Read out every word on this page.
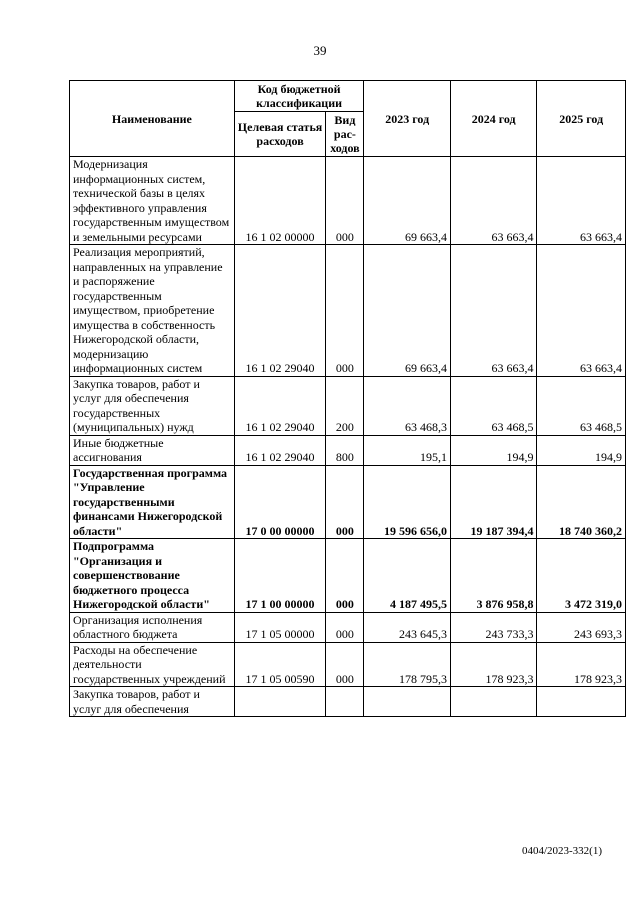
39
Наименование	Код бюджетной классификации		2023 год	2024 год	2025 год
	Целевая статья расходов	Вид рас-ходов			
Модернизация информационных систем, технической базы в целях эффективного управления государственным имуществом и земельными ресурсами	16 1 02 00000	000	69 663,4	63 663,4	63 663,4
Реализация мероприятий, направленных на управление и распоряжение государственным имуществом, приобретение имущества в собственность Нижегородской области, модернизацию информационных систем	16 1 02 29040	000	69 663,4	63 663,4	63 663,4
Закупка товаров, работ и услуг для обеспечения государственных (муниципальных) нужд	16 1 02 29040	200	63 468,3	63 468,5	63 468,5
Иные бюджетные ассигнования	16 1 02 29040	800	195,1	194,9	194,9
Государственная программа "Управление государственными финансами Нижегородской области"	17 0 00 00000	000	19 596 656,0	19 187 394,4	18 740 360,2
Подпрограмма "Организация и совершенствование бюджетного процесса Нижегородской области"	17 1 00 00000	000	4 187 495,5	3 876 958,8	3 472 319,0
Организация исполнения областного бюджета	17 1 05 00000	000	243 645,3	243 733,3	243 693,3
Расходы на обеспечение деятельности государственных учреждений	17 1 05 00590	000	178 795,3	178 923,3	178 923,3
Закупка товаров, работ и услуг для обеспечения					
0404/2023-332(1)
